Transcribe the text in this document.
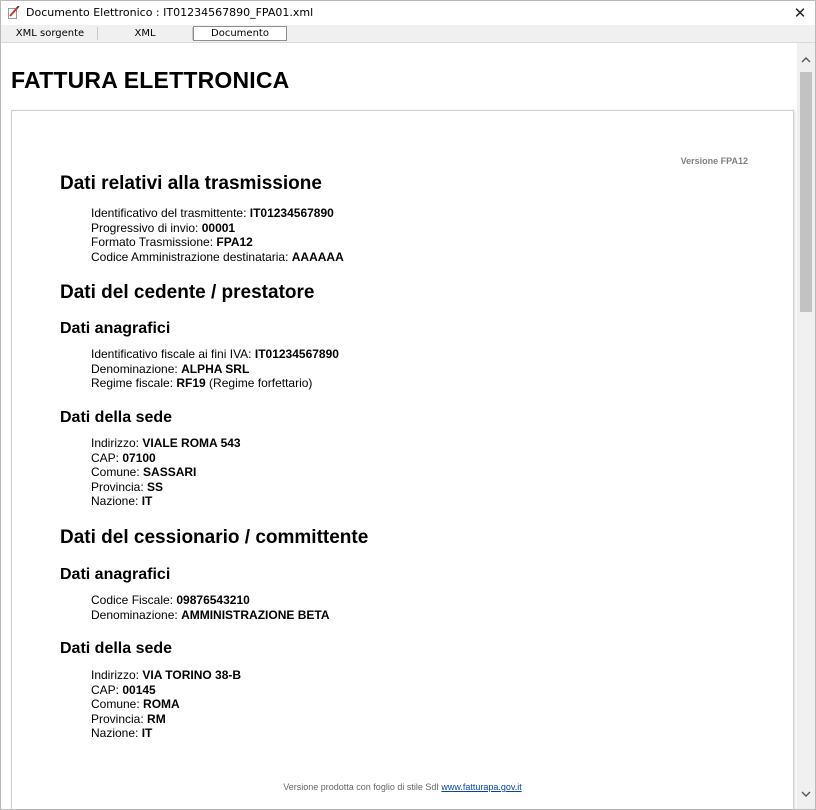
Documento Elettronico : IT01234567890_FPA01.xml	✕
XML sorgente	XML	Documento
FATTURA ELETTRONICA
Versione FPA12
Dati relativi alla trasmissione
Identificativo del trasmittente: IT01234567890
Progressivo di invio: 00001
Formato Trasmissione: FPA12
Codice Amministrazione destinataria: AAAAAA
Dati del cedente / prestatore
Dati anagrafici
Identificativo fiscale ai fini IVA: IT01234567890
Denominazione: ALPHA SRL
Regime fiscale: RF19 (Regime forfettario)
Dati della sede
Indirizzo: VIALE ROMA 543
CAP: 07100
Comune: SASSARI
Provincia: SS
Nazione: IT
Dati del cessionario / committente
Dati anagrafici
Codice Fiscale: 09876543210
Denominazione: AMMINISTRAZIONE BETA
Dati della sede
Indirizzo: VIA TORINO 38-B
CAP: 00145
Comune: ROMA
Provincia: RM
Nazione: IT
Versione prodotta con foglio di stile SdI www.fatturapa.gov.it
